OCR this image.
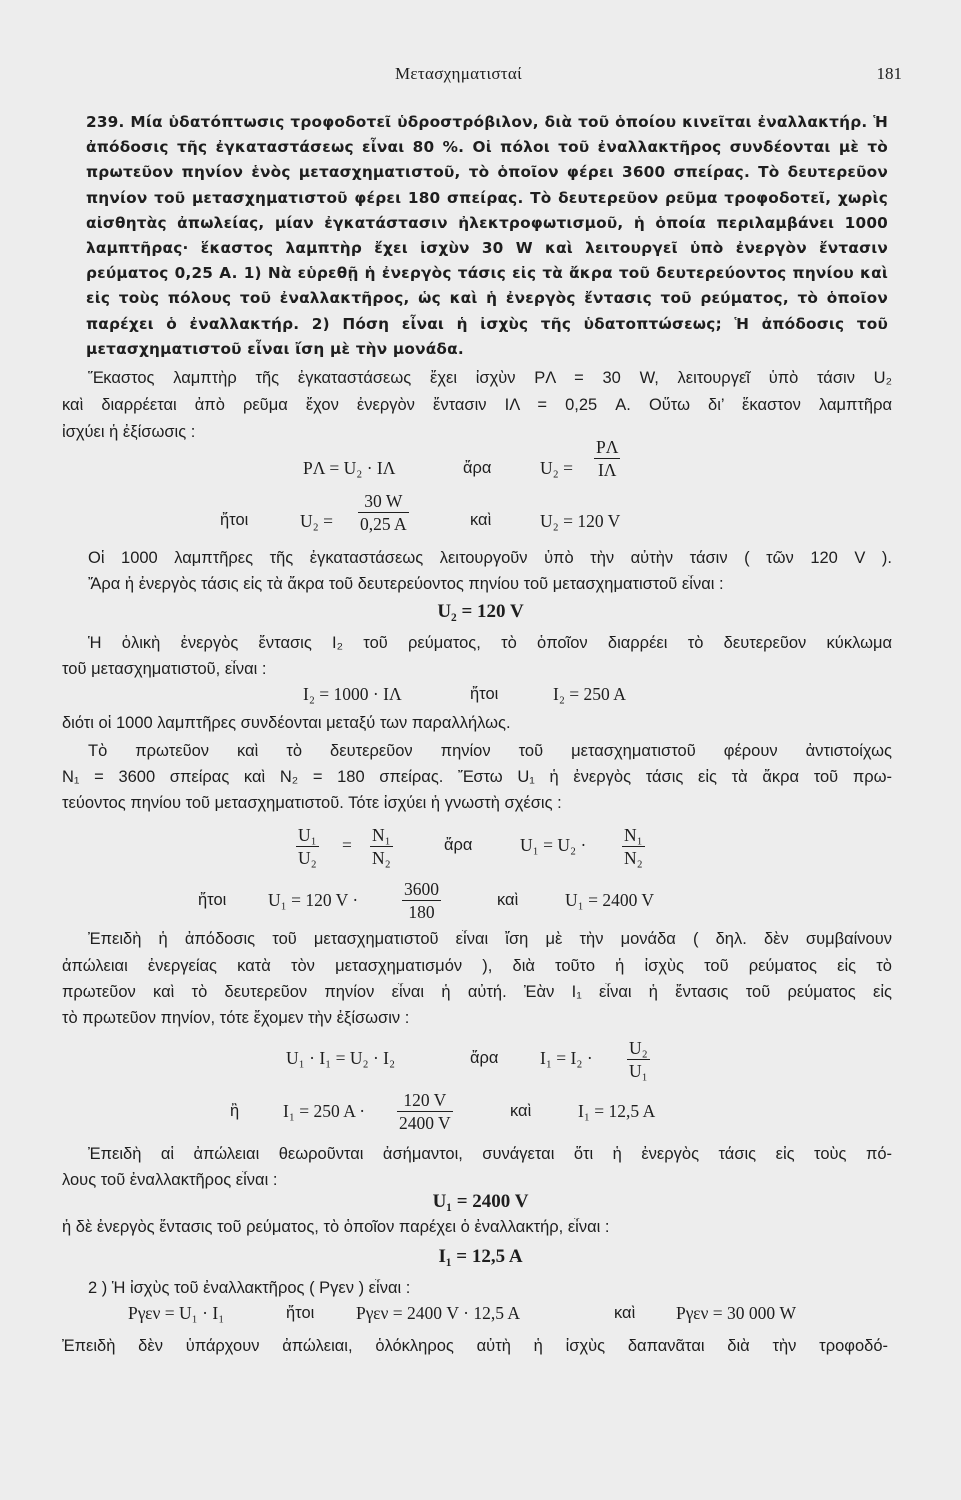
Μετασχηματισταί	181
239. Μία ὑδατόπτωσις τροφοδοτεῖ ὑδροστρόβιλον, διὰ τοῦ ὁποίου κινεῖται ἐναλλακτήρ. Ἡ ἀπόδοσις τῆς ἐγκαταστάσεως εἶναι 80 %. Οἱ πόλοι τοῦ ἐναλλακτῆρος συνδέονται μὲ τὸ πρωτεῦον πηνίον ἑνὸς μετασχηματιστοῦ, τὸ ὁποῖον φέρει 3600 σπείρας. Τὸ δευτερεῦον πηνίον τοῦ μετασχηματιστοῦ φέρει 180 σπείρας. Τὸ δευτερεῦον ρεῦμα τροφοδοτεῖ, χωρὶς αἰσθητὰς ἀπωλείας, μίαν ἐγκατάστασιν ἠλεκτροφωτισμοῦ, ἡ ὁποία περιλαμβάνει 1000 λαμπτῆρας· ἕκαστος λαμπτὴρ ἔχει ἰσχὺν 30 W καὶ λειτουργεῖ ὑπὸ ἐνεργὸν ἔντασιν ρεύματος 0,25 A. 1) Νὰ εὑρεθῇ ἡ ἐνεργὸς τάσις εἰς τὰ ἄκρα τοῦ δευτερεύοντος πηνίου καὶ εἰς τοὺς πόλους τοῦ ἐναλλακτῆρος, ὡς καὶ ἡ ἐνεργὸς ἔντασις τοῦ ρεύματος, τὸ ὁποῖον παρέχει ὁ ἐναλλακτήρ. 2) Πόση εἶναι ἡ ἰσχὺς τῆς ὑδατοπτώσεως; Ἡ ἀπόδοσις τοῦ μετασχηματιστοῦ εἶναι ἴση μὲ τὴν μονάδα.
Ἕκαστος λαμπτὴρ τῆς ἐγκαταστάσεως ἔχει ἰσχὺν PΛ = 30 W, λειτουργεῖ ὑπὸ τάσιν U₂
καὶ διαρρέεται ἀπὸ ρεῦμα ἔχον ἐνεργὸν ἔντασιν IΛ = 0,25 A. Οὕτω δι’ ἕκαστον λαμπτῆρα
ἰσχύει ἡ ἐξίσωσις :
PΛ = U₂ · IΛ	ἄρα	U₂ =
PΛ
IΛ
ἤτοι	U₂ =
30 W
0,25 A	καὶ	U₂ = 120 V
Οἱ 1000 λαμπτῆρες τῆς ἐγκαταστάσεως λειτουργοῦν ὑπὸ τὴν αὐτὴν τάσιν ( τῶν 120 V ).
Ἄρα ἡ ἐνεργὸς τάσις εἰς τὰ ἄκρα τοῦ δευτερεύοντος πηνίου τοῦ μετασχηματιστοῦ εἶναι :
U₂ = 120 V
Ἡ ὁλικὴ ἐνεργὸς ἔντασις I₂ τοῦ ρεύματος, τὸ ὁποῖον διαρρέει τὸ δευτερεῦον κύκλωμα
τοῦ μετασχηματιστοῦ, εἶναι :
I₂ = 1000 · IΛ	ἤτοι	I₂ = 250 A
διότι οἱ 1000 λαμπτῆρες συνδέονται μεταξύ των παραλλήλως.
Τὸ πρωτεῦον καὶ τὸ δευτερεῦον πηνίον τοῦ μετασχηματιστοῦ φέρουν ἀντιστοίχως
N₁ = 3600 σπείρας καὶ N₂ = 180 σπείρας. Ἔστω U₁ ἡ ἐνεργὸς τάσις εἰς τὰ ἄκρα τοῦ πρω-
τεύοντος πηνίου τοῦ μετασχηματιστοῦ. Τότε ἰσχύει ἡ γνωστὴ σχέσις :
U₁
U₂
= N₁
N₂
ἄρα	U₁ = U₂ · N₁
N₂
ἤτοι U₁ = 120 V ·
3600
180
καὶ	U₁ = 2400 V
Ἐπειδὴ ἡ ἀπόδοσις τοῦ μετασχηματιστοῦ εἶναι ἴση μὲ τὴν μονάδα ( δηλ. δὲν συμβαίνουν
ἀπώλειαι ἐνεργείας κατὰ τὸν μετασχηματισμόν ), διὰ τοῦτο ἡ ἰσχὺς τοῦ ρεύματος εἰς τὸ
πρωτεῦον καὶ τὸ δευτερεῦον πηνίον εἶναι ἡ αὐτή. Ἐὰν I₁ εἶναι ἡ ἔντασις τοῦ ρεύματος εἰς
τὸ πρωτεῦον πηνίον, τότε ἔχομεν τὴν ἐξίσωσιν :
U₁ · I₁ = U₂ · I₂	ἄρα I₁ = I₂ · U₂
U₁
ἢ	I₁ = 250 A ·
120 V
2400 V
καὶ	I₁ = 12,5 A
Ἐπειδὴ αἱ ἀπώλειαι θεωροῦνται ἀσήμαντοι, συνάγεται ὅτι ἡ ἐνεργὸς τάσις εἰς τοὺς πό-
λους τοῦ ἐναλλακτῆρος εἶναι :
U₁ = 2400 V
ἡ δὲ ἐνεργὸς ἔντασις τοῦ ρεύματος, τὸ ὁποῖον παρέχει ὁ ἐναλλακτήρ, εἶναι :
I₁ = 12,5 A
2 ) Ἡ ἰσχὺς τοῦ ἐναλλακτῆρος ( Pγεν ) εἶναι :
Pγεν = U₁ · I₁	ἤτοι Pγεν = 2400 V · 12,5 A	καὶ Pγεν = 30 000 W
Ἐπειδὴ δὲν ὑπάρχουν ἀπώλειαι, ὁλόκληρος αὐτὴ ἡ ἰσχὺς δαπανᾶται διὰ τὴν τροφοδό-
